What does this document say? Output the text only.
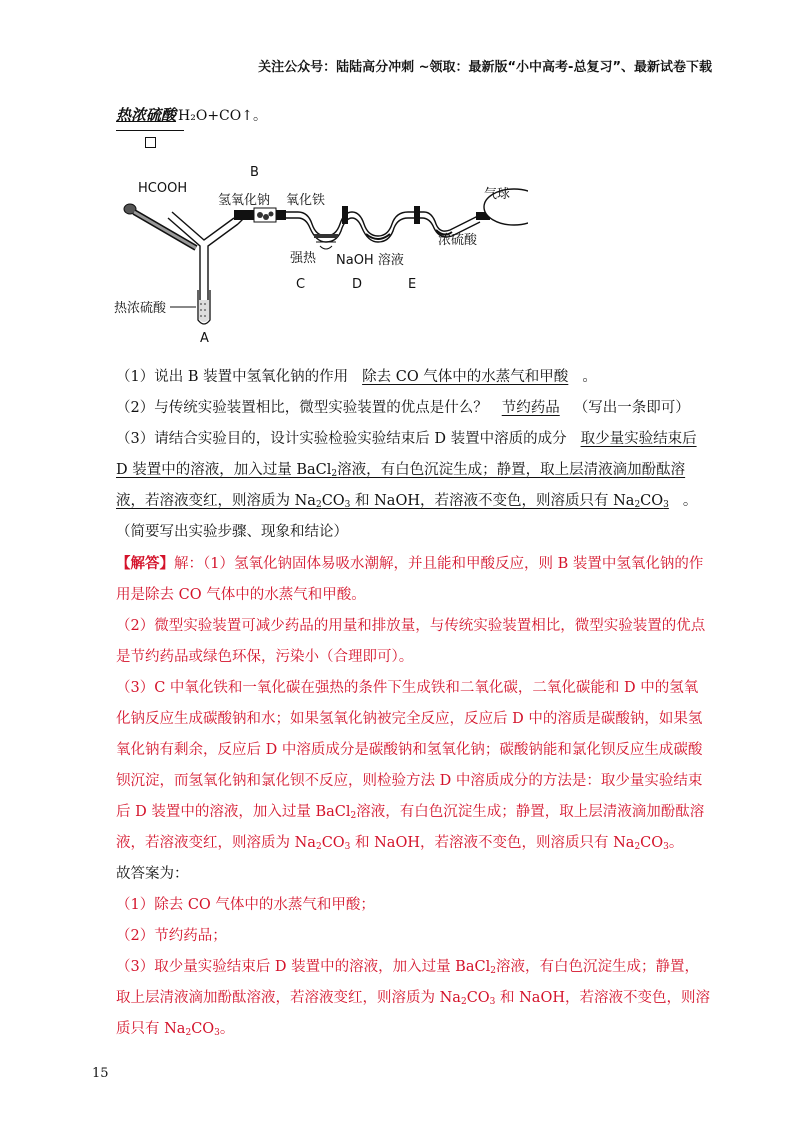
关注公众号：陆陆高分冲刺 ~领取：最新版“小中高考-总复习”、最新试卷下载
热浓硫酸 H₂O+CO↑。
HCOOH
B
氢氧化钠 氧化铁	气球
强热 NaOH 溶液
浓硫酸
热浓硫酸
C	D	E
A

（1）说出 B 装置中氢氧化钠的作用 除去 CO 气体中的水蒸气和甲酸 。

（2）与传统实验装置相比，微型实验装置的优点是什么？ 节约药品 （写出一条即可）

（3）请结合实验目的，设计实验检验实验结束后 D 装置中溶质的成分 取少量实验结束后 D 装置中的溶液，加入过量 BaCl$_2$溶液，有白色沉淀生成；静置，取上层清液滴加酚酞溶液，若溶液变红，则溶质为 $Na_2CO_3$ 和 NaOH，若溶液不变色，则溶质只有 $Na_2CO_3$ 。（简要写出实验步骤、现象和结论）

【解答】解：（1）氢氧化钠固体易吸水潮解，并且能和甲酸反应，则 B 装置中氢氧化钠的作用是除去 CO 气体中的水蒸气和甲酸。

（2）微型实验装置可减少药品的用量和排放量，与传统实验装置相比，微型实验装置的优点是节约药品或绿色环保，污染小（合理即可）。

（3）C 中氧化铁和一氧化碳在强热的条件下生成铁和二氧化碳，二氧化碳能和 D 中的氢氧化钠反应生成碳酸钠和水；如果氢氧化钠被完全反应，反应后 D 中的溶质是碳酸钠，如果氢氧化钠有剩余，反应后 D 中溶质成分是碳酸钠和氢氧化钠；碳酸钠能和氯化钡反应生成碳酸钡沉淀，而氢氧化钠和氯化钡不反应，则检验方法 D 中溶质成分的方法是：取少量实验结束后 D 装置中的溶液，加入过量 BaCl$_2$溶液，有白色沉淀生成；静置，取上层清液滴加酚酞溶液，若溶液变红，则溶质为 $Na_2CO_3$ 和 NaOH，若溶液不变色，则溶质只有 $Na_2CO_3$。

故答案为：

（1）除去 CO 气体中的水蒸气和甲酸；

（2）节约药品；

（3）取少量实验结束后 D 装置中的溶液，加入过量 BaCl$_2$溶液，有白色沉淀生成；静置，取上层清液滴加酚酞溶液，若溶液变红，则溶质为 $Na_2CO_3$ 和 NaOH，若溶液不变色，则溶质只有 $Na_2CO_3$。

15
